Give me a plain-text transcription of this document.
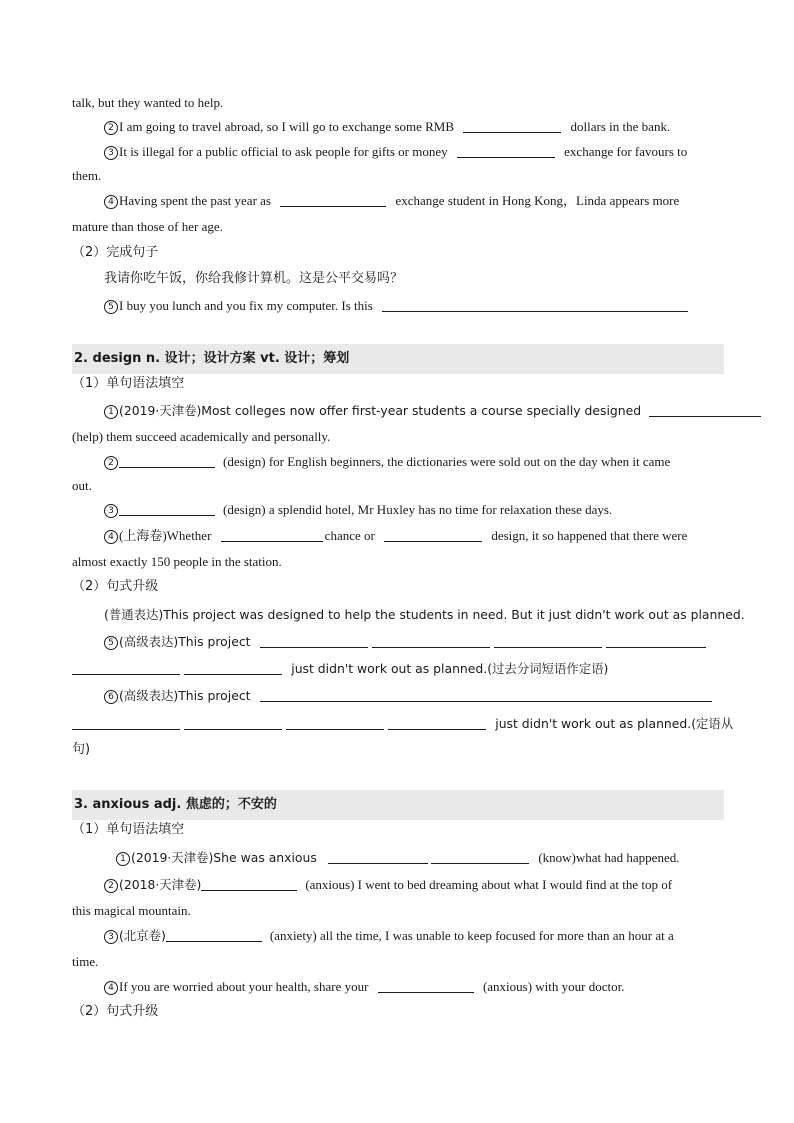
talk, but they wanted to help.
2 I am going to travel abroad, so I will go to exchange some RMB	dollars in the bank.
3 It is illegal for a public official to ask people for gifts or money	exchange for favours to
them.
4 Having spent the past year as	exchange student in Hong Kong，Linda appears more
mature than those of her age.
（2）完成句子
我请你吃午饭，你给我修计算机。这是公平交易吗？
5 I buy you lunch and you fix my computer. Is this
2. design n. 设计；设计方案 vt. 设计；筹划
（1）单句语法填空
1 (2019·天津卷)Most colleges now offer first-year students a course specially designed
(help) them succeed academically and personally.
2	(design) for English beginners, the dictionaries were sold out on the day when it came
out.
3	(design) a splendid hotel, Mr Huxley has no time for relaxation these days.
4 (上海卷)Whether	chance or	design, it so happened that there were
almost exactly 150 people in the station.
（2）句式升级
(普通表达)This project was designed to help the students in need. But it just didn't work out as planned.
5 (高级表达)This project
just didn't work out as planned.(过去分词短语作定语)
6 (高级表达)This project
just didn't work out as planned.(定语从
句)
3. anxious adj. 焦虑的；不安的
（1）单句语法填空
1 (2019·天津卷)She was anxious	(know)what had happened.
2 (2018·天津卷)	(anxious) I went to bed dreaming about what I would find at the top of
this magical mountain.
3 (北京卷)	(anxiety) all the time, I was unable to keep focused for more than an hour at a
time.
4 If you are worried about your health, share your	(anxious) with your doctor.
（2）句式升级
